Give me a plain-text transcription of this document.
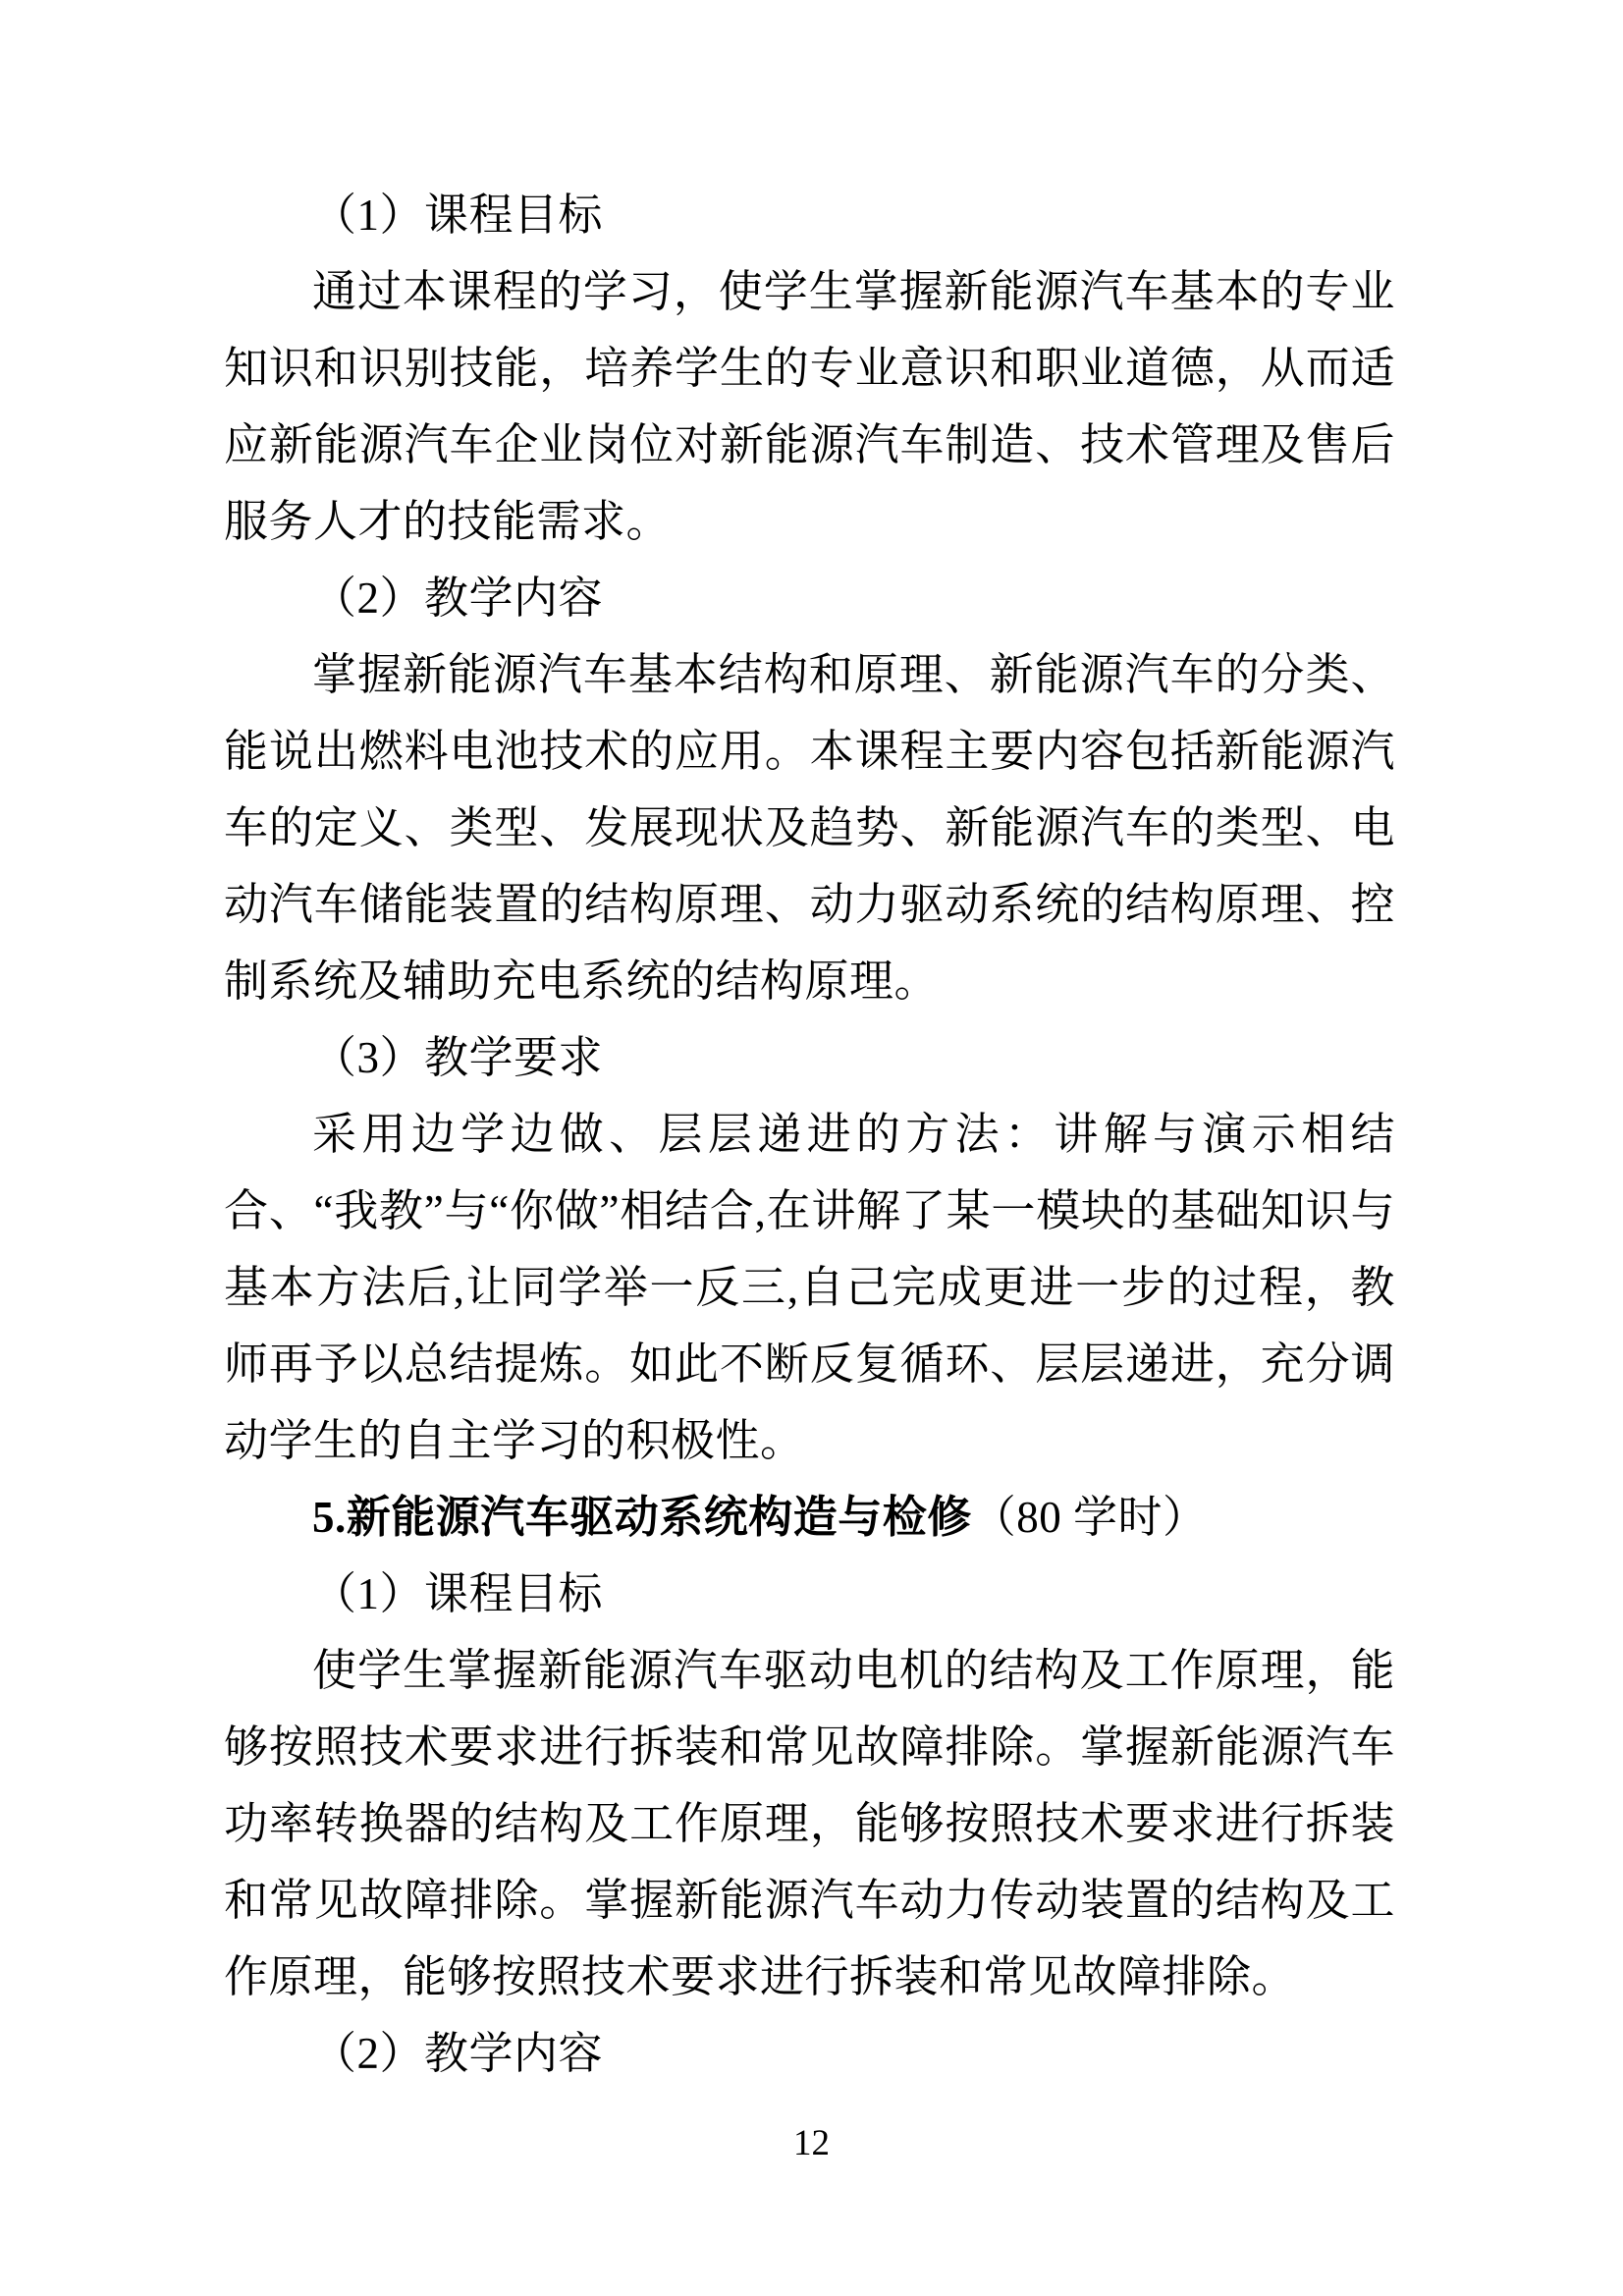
（1）课程目标

通过本课程的学习，使学生掌握新能源汽车基本的专业知识和识别技能，培养学生的专业意识和职业道德，从而适应新能源汽车企业岗位对新能源汽车制造、技术管理及售后服务人才的技能需求。

（2）教学内容

掌握新能源汽车基本结构和原理、新能源汽车的分类、能说出燃料电池技术的应用。本课程主要内容包括新能源汽车的定义、类型、发展现状及趋势、新能源汽车的类型、电动汽车储能装置的结构原理、动力驱动系统的结构原理、控制系统及辅助充电系统的结构原理。

（3）教学要求

采用边学边做、层层递进的方法：讲解与演示相结合、“我教”与“你做”相结合,在讲解了某一模块的基础知识与基本方法后,让同学举一反三,自己完成更进一步的过程，教师再予以总结提炼。如此不断反复循环、层层递进，充分调动学生的自主学习的积极性。

5.新能源汽车驱动系统构造与检修（80 学时）

（1）课程目标

使学生掌握新能源汽车驱动电机的结构及工作原理，能够按照技术要求进行拆装和常见故障排除。掌握新能源汽车功率转换器的结构及工作原理，能够按照技术要求进行拆装和常见故障排除。掌握新能源汽车动力传动装置的结构及工作原理，能够按照技术要求进行拆装和常见故障排除。

（2）教学内容

12
